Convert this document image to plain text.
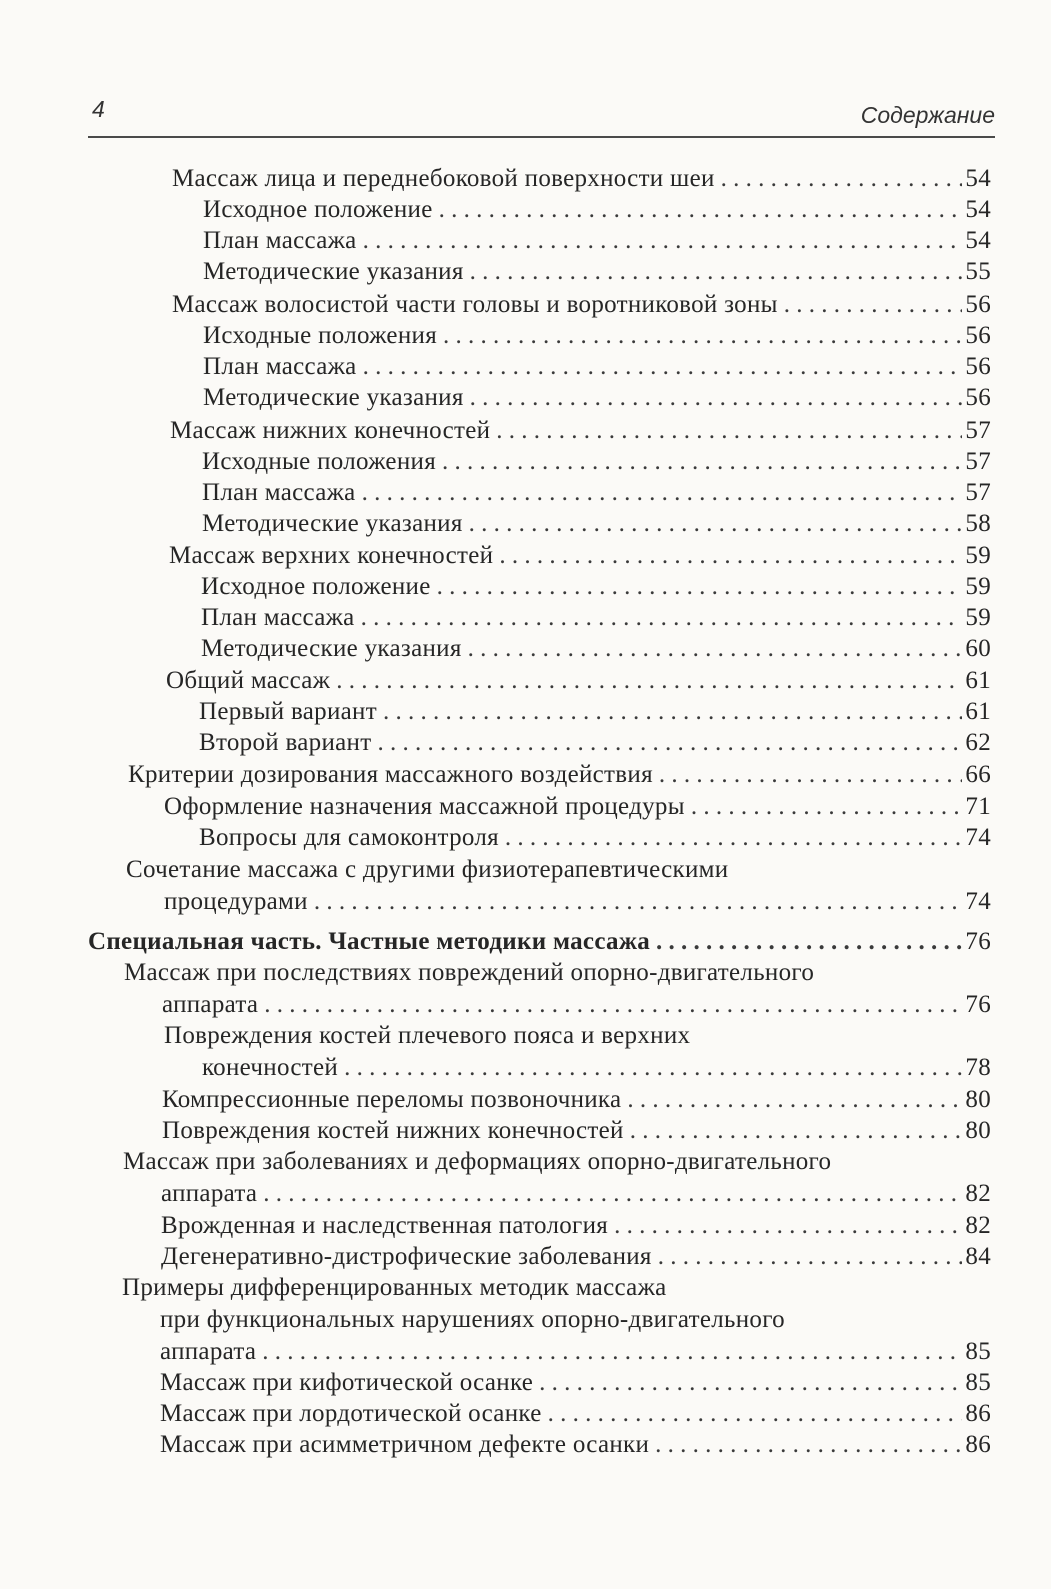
4	Содержание
Массаж лица и переднебоковой поверхности шеи . . .	54
Исходное положение . . .	54
План массажа . . .	54
Методические указания . . .	55
Массаж волосистой части головы и воротниковой зоны . . .	56
Исходные положения . . .	56
План массажа . . .	56
Методические указания . . .	56
Массаж нижних конечностей . . .	57
Исходные положения . . .	57
План массажа . . .	57
Методические указания . . .	58
Массаж верхних конечностей . . .	59
Исходное положение . . .	59
План массажа . . .	59
Методические указания . . .	60
Общий массаж . . .	61
Первый вариант . . .	61
Второй вариант . . .	62
Критерии дозирования массажного воздействия . . .	66
Оформление назначения массажной процедуры . . .	71
Вопросы для самоконтроля . . .	74
Сочетание массажа с другими физиотерапевтическими
процедурами . . .	74
Специальная часть. Частные методики массажа . . .	76
Массаж при последствиях повреждений опорно-двигательного
аппарата . . .	76
Повреждения костей плечевого пояса и верхних
конечностей . . .	78
Компрессионные переломы позвоночника . . .	80
Повреждения костей нижних конечностей . . .	80
Массаж при заболеваниях и деформациях опорно-двигательного
аппарата . . .	82
Врожденная и наследственная патология . . .	82
Дегенеративно-дистрофические заболевания . . .	84
Примеры дифференцированных методик массажа
при функциональных нарушениях опорно-двигательного
аппарата . . .	85
Массаж при кифотической осанке . . .	85
Массаж при лордотической осанке . . .	86
Массаж при асимметричном дефекте осанки . . .	86
